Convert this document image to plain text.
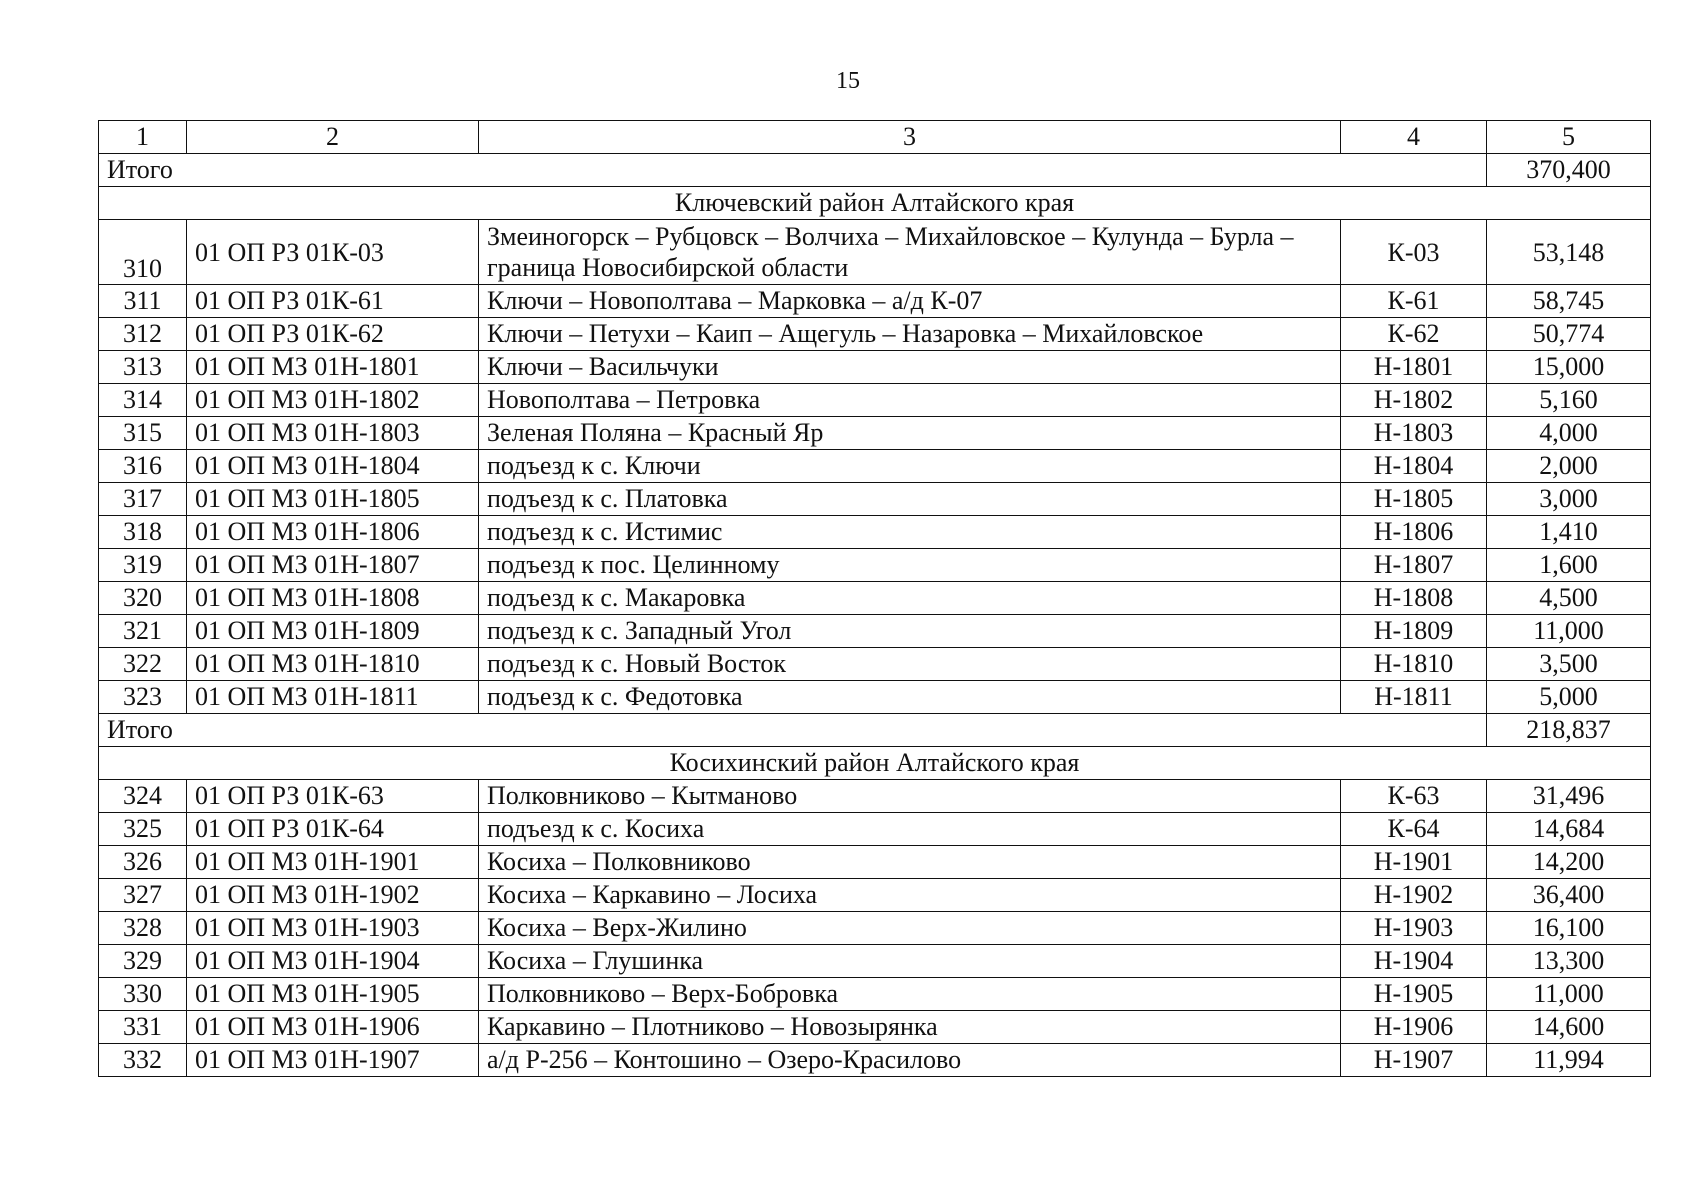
15
1	2	3	4	5
Итого				370,400
Ключевский район Алтайского края				
310	01 ОП РЗ 01К-03	Змеиногорск – Рубцовск – Волчиха – Михайловское – Кулунда – Бурла – граница Новосибирской области	К-03	53,148
311	01 ОП РЗ 01К-61	Ключи – Новополтава – Марковка – а/д К-07	К-61	58,745
312	01 ОП РЗ 01К-62	Ключи – Петухи – Каип – Ащегуль – Назаровка – Михайловское	К-62	50,774
313	01 ОП МЗ 01Н-1801	Ключи – Васильчуки	Н-1801	15,000
314	01 ОП МЗ 01Н-1802	Новополтава – Петровка	Н-1802	5,160
315	01 ОП МЗ 01Н-1803	Зеленая Поляна – Красный Яр	Н-1803	4,000
316	01 ОП МЗ 01Н-1804	подъезд к с. Ключи	Н-1804	2,000
317	01 ОП МЗ 01Н-1805	подъезд к с. Платовка	Н-1805	3,000
318	01 ОП МЗ 01Н-1806	подъезд к с. Истимис	Н-1806	1,410
319	01 ОП МЗ 01Н-1807	подъезд к пос. Целинному	Н-1807	1,600
320	01 ОП МЗ 01Н-1808	подъезд к с. Макаровка	Н-1808	4,500
321	01 ОП МЗ 01Н-1809	подъезд к с. Западный Угол	Н-1809	11,000
322	01 ОП МЗ 01Н-1810	подъезд к с. Новый Восток	Н-1810	3,500
323	01 ОП МЗ 01Н-1811	подъезд к с. Федотовка	Н-1811	5,000
Итого				218,837
Косихинский район Алтайского края				
324	01 ОП РЗ 01К-63	Полковниково – Кытманово	К-63	31,496
325	01 ОП РЗ 01К-64	подъезд к с. Косиха	К-64	14,684
326	01 ОП МЗ 01Н-1901	Косиха – Полковниково	Н-1901	14,200
327	01 ОП МЗ 01Н-1902	Косиха – Каркавино – Лосиха	Н-1902	36,400
328	01 ОП МЗ 01Н-1903	Косиха – Верх-Жилино	Н-1903	16,100
329	01 ОП МЗ 01Н-1904	Косиха – Глушинка	Н-1904	13,300
330	01 ОП МЗ 01Н-1905	Полковниково – Верх-Бобровка	Н-1905	11,000
331	01 ОП МЗ 01Н-1906	Каркавино – Плотниково – Новозырянка	Н-1906	14,600
332	01 ОП МЗ 01Н-1907	а/д Р-256 – Контошино – Озеро-Красилово	Н-1907	11,994
